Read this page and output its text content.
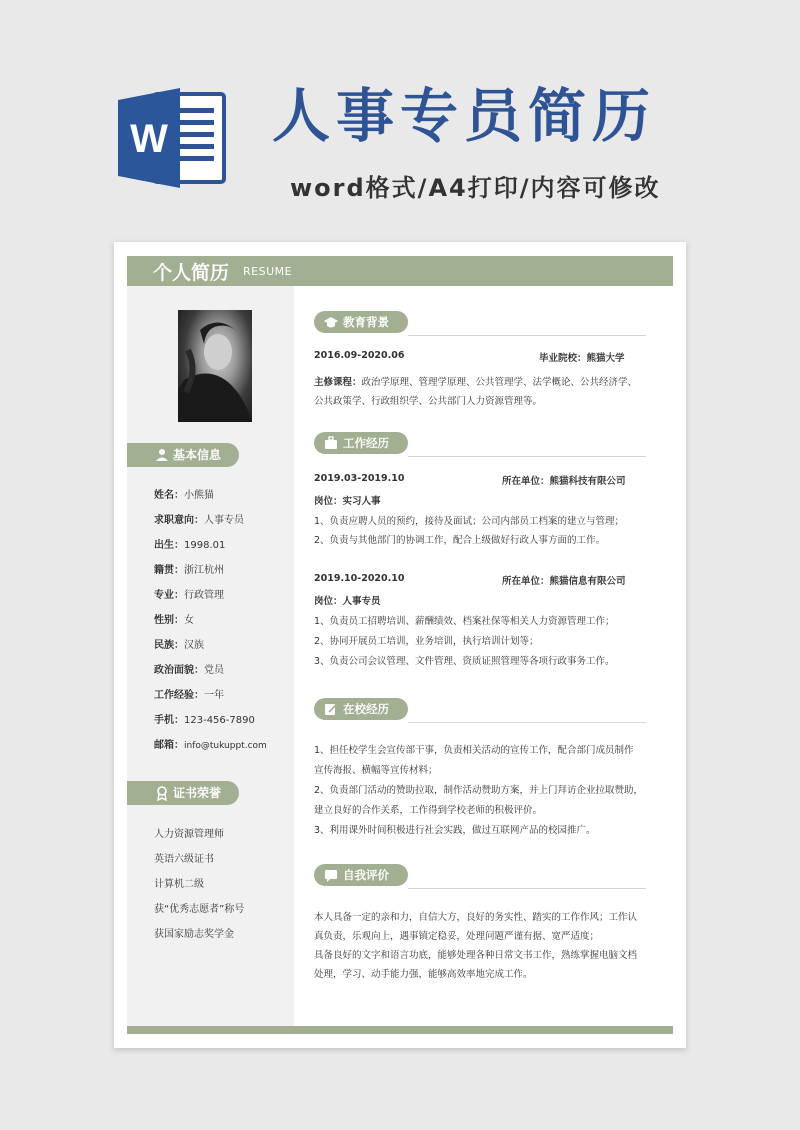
W 人事专员简历
word格式/A4打印/内容可修改
个人简历 RESUME
基本信息
姓名：小熊猫
求职意向：人事专员
出生：1998.01
籍贯：浙江杭州
专业：行政管理
性别：女
民族：汉族
政治面貌：党员
工作经验：一年
手机：123-456-7890
邮箱：info@tukuppt.com
证书荣誉
人力资源管理师
英语六级证书
计算机二级
获“优秀志愿者”称号
获国家励志奖学金
教育背景
2016.09-2020.06	毕业院校：熊猫大学
主修课程：政治学原理、管理学原理、公共管理学、法学概论、公共经济学、
公共政策学、行政组织学、公共部门人力资源管理等。
工作经历
2019.03-2019.10	所在单位：熊猫科技有限公司
岗位：实习人事
1、负责应聘人员的预约，接待及面试；公司内部员工档案的建立与管理；
2、负责与其他部门的协调工作，配合上级做好行政人事方面的工作。
2019.10-2020.10	所在单位：熊猫信息有限公司
岗位：人事专员
1、负责员工招聘培训、薪酬绩效、档案社保等相关人力资源管理工作；
2、协同开展员工培训，业务培训，执行培训计划等；
3、负责公司会议管理、文件管理、资质证照管理等各项行政事务工作。
在校经历
1、担任校学生会宣传部干事，负责相关活动的宣传工作，配合部门成员制作
宣传海报、横幅等宣传材料；
2、负责部门活动的赞助拉取，制作活动赞助方案，并上门拜访企业拉取赞助，
建立良好的合作关系，工作得到学校老师的积极评价。
3、利用课外时间积极进行社会实践，做过互联网产品的校园推广。
自我评价
本人具备一定的亲和力，自信大方，良好的务实性、踏实的工作作风；工作认
真负责，乐观向上，遇事镇定稳妥，处理问题严谨有据、宽严适度；
具备良好的文字和语言功底，能够处理各种日常文书工作，熟练掌握电脑文档
处理，学习、动手能力强，能够高效率地完成工作。
